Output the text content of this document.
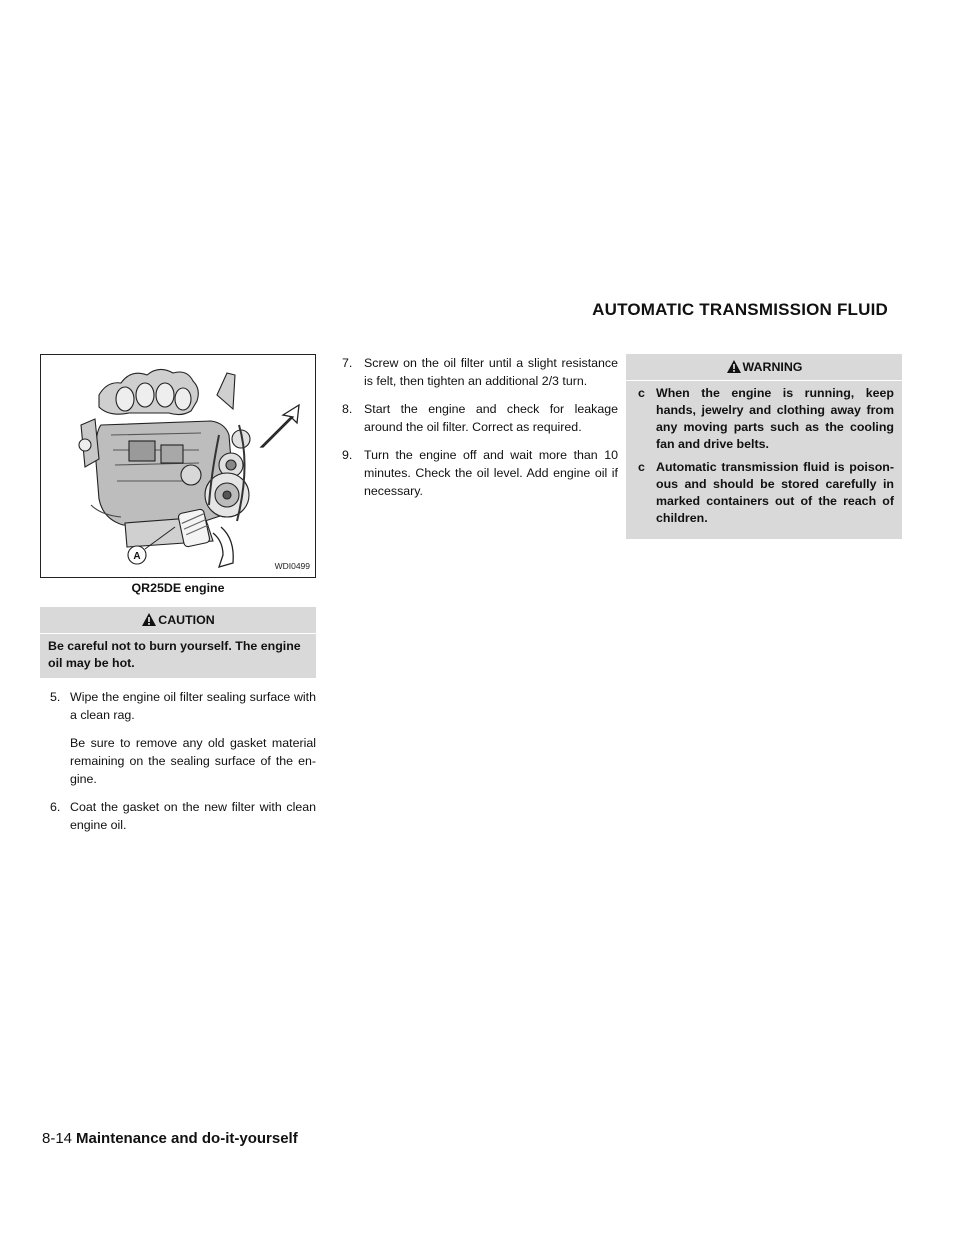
AUTOMATIC TRANSMISSION FLUID
A
WDI0499
QR25DE engine
CAUTION
Be careful not to burn yourself. The engine oil may be hot.
5. Wipe the engine oil filter sealing surface with a clean rag.
Be sure to remove any old gasket material remaining on the sealing surface of the en- gine.
6. Coat the gasket on the new filter with clean engine oil.
7. Screw on the oil filter until a slight resistance is felt, then tighten an additional 2/3 turn.
8. Start the engine and check for leakage around the oil filter. Correct as required.
9. Turn the engine off and wait more than 10 minutes. Check the oil level. Add engine oil if necessary.
WARNING
c When the engine is running, keep hands, jewelry and clothing away from any moving parts such as the cooling fan and drive belts.
c Automatic transmission fluid is poison- ous and should be stored carefully in marked containers out of the reach of children.
8-14 Maintenance and do-it-yourself
